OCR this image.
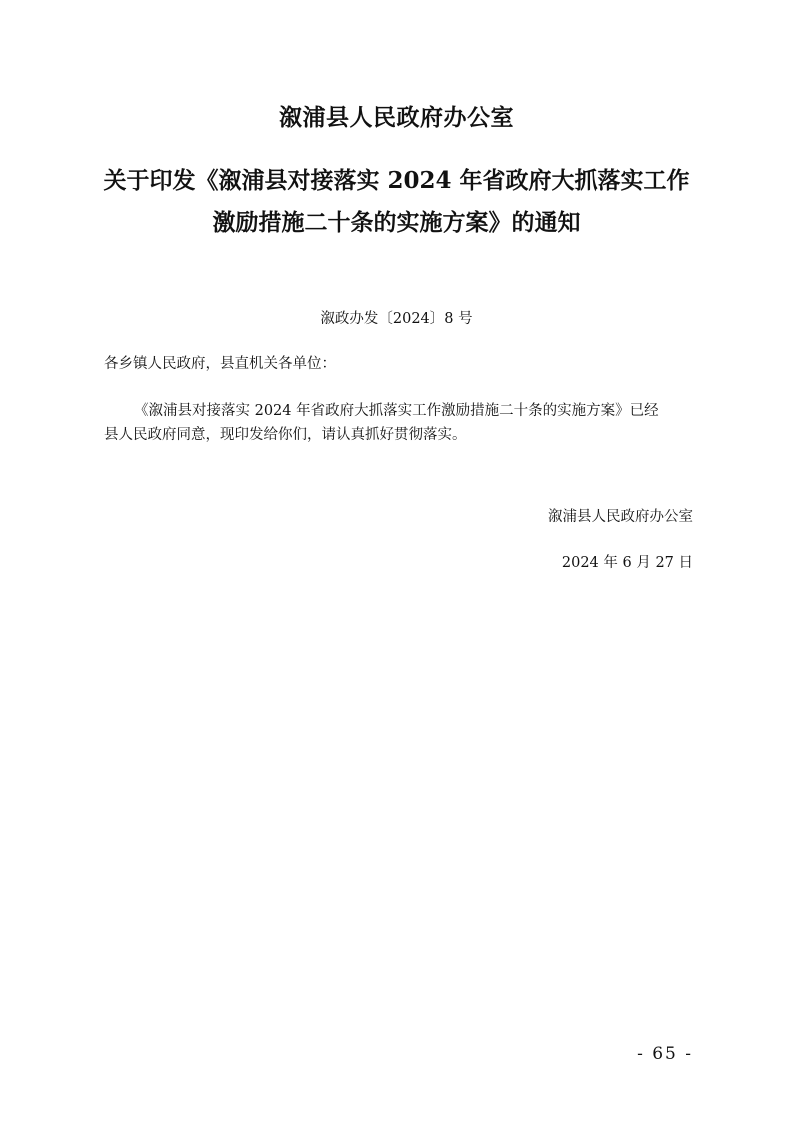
溆浦县人民政府办公室
关于印发《溆浦县对接落实 2024 年省政府大抓落实工作
激励措施二十条的实施方案》的通知
溆政办发〔2024〕8 号
各乡镇人民政府，县直机关各单位：
《溆浦县对接落实 2024 年省政府大抓落实工作激励措施二十条的实施方案》已经
县人民政府同意，现印发给你们，请认真抓好贯彻落实。
溆浦县人民政府办公室
2024 年 6 月 27 日
- 65 -
